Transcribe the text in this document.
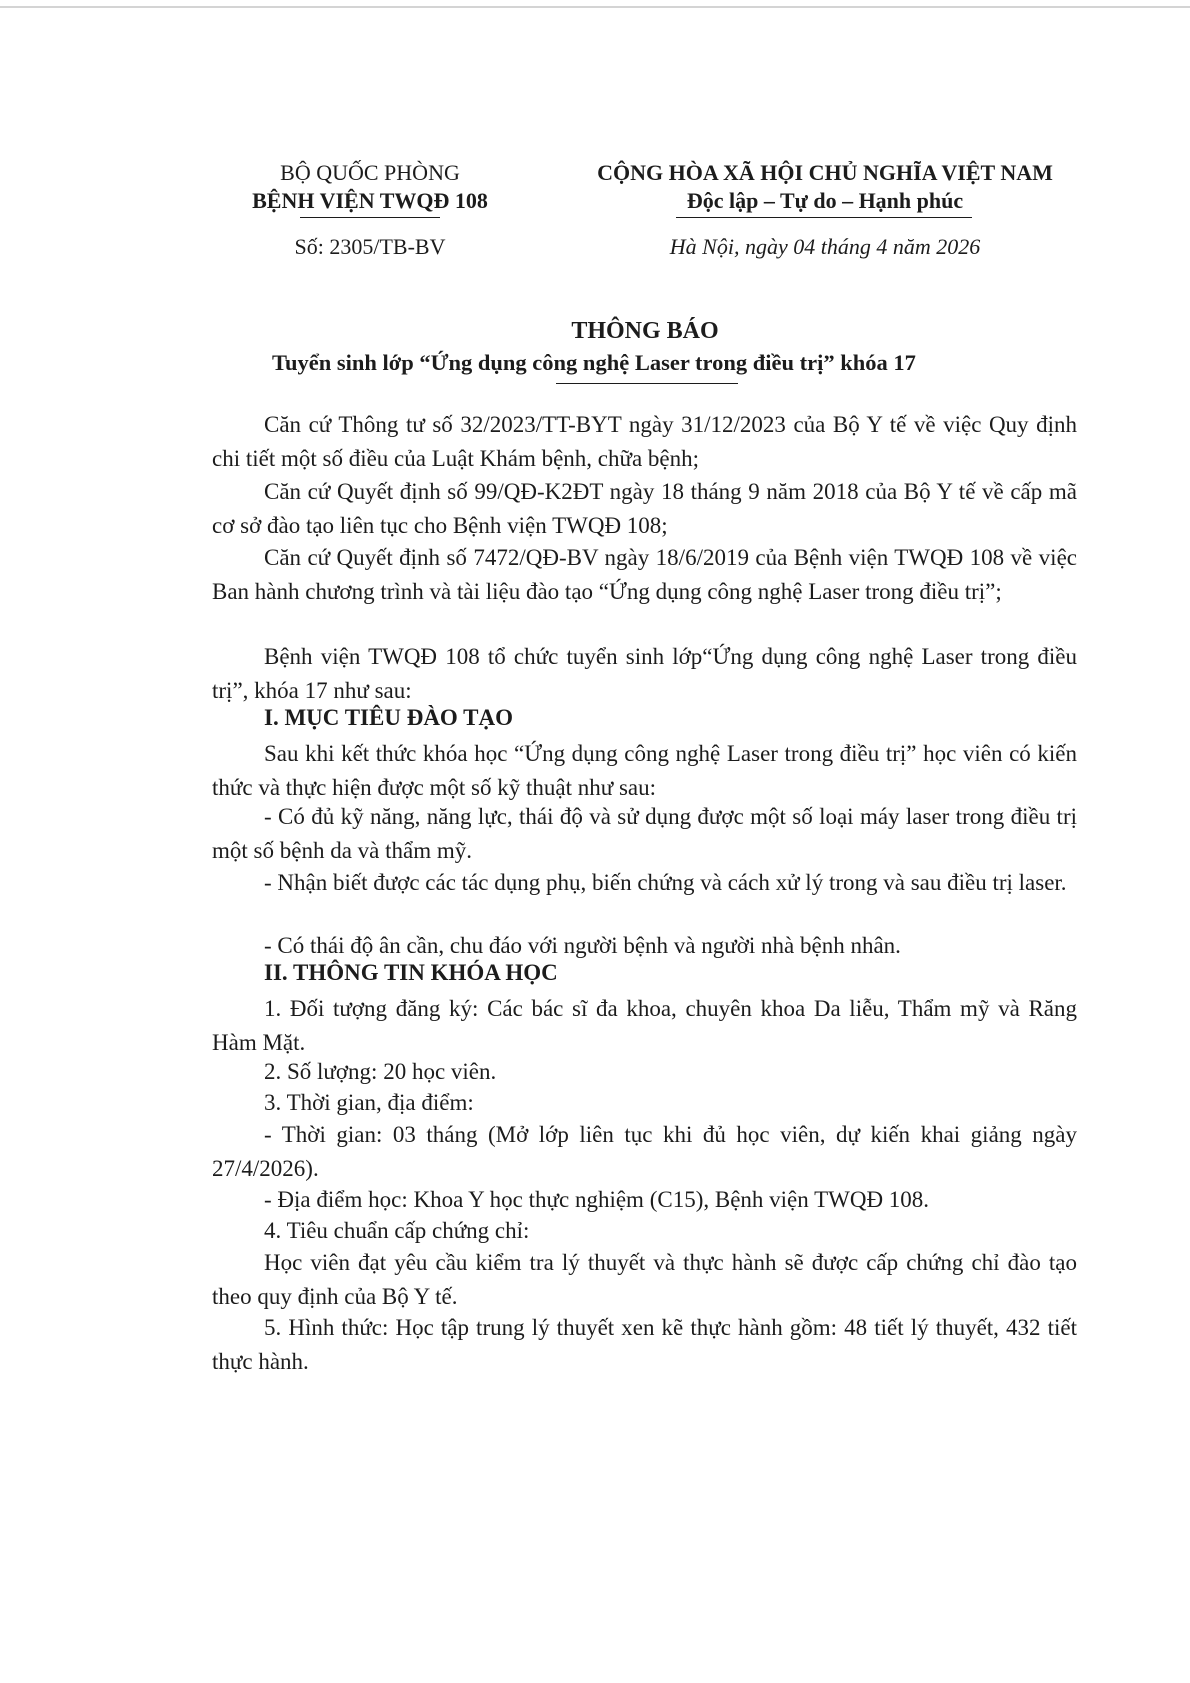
BỘ QUỐC PHÒNG
BỆNH VIỆN TWQĐ 108
Số: 2305/TB-BV
CỘNG HÒA XÃ HỘI CHỦ NGHĨA VIỆT NAM
Độc lập – Tự do – Hạnh phúc
Hà Nội, ngày 04 tháng 4 năm 2026
THÔNG BÁO
Tuyển sinh lớp “Ứng dụng công nghệ Laser trong điều trị” khóa 17
Căn cứ Thông tư số 32/2023/TT-BYT ngày 31/12/2023 của Bộ Y tế về việc Quy định chi tiết một số điều của Luật Khám bệnh, chữa bệnh;
Căn cứ Quyết định số 99/QĐ-K2ĐT ngày 18 tháng 9 năm 2018 của Bộ Y tế về cấp mã cơ sở đào tạo liên tục cho Bệnh viện TWQĐ 108;
Căn cứ Quyết định số 7472/QĐ-BV ngày 18/6/2019 của Bệnh viện TWQĐ 108 về việc Ban hành chương trình và tài liệu đào tạo “Ứng dụng công nghệ Laser trong điều trị”;
Bệnh viện TWQĐ 108 tổ chức tuyển sinh lớp“Ứng dụng công nghệ Laser trong điều trị”, khóa 17 như sau:
I. MỤC TIÊU ĐÀO TẠO
Sau khi kết thức khóa học “Ứng dụng công nghệ Laser trong điều trị” học viên có kiến thức và thực hiện được một số kỹ thuật như sau:
- Có đủ kỹ năng, năng lực, thái độ và sử dụng được một số loại máy laser trong điều trị một số bệnh da và thẩm mỹ.
- Nhận biết được các tác dụng phụ, biến chứng và cách xử lý trong và sau điều trị laser.
- Có thái độ ân cần, chu đáo với người bệnh và người nhà bệnh nhân.
II. THÔNG TIN KHÓA HỌC
1. Đối tượng đăng ký: Các bác sĩ đa khoa, chuyên khoa Da liễu, Thẩm mỹ và Răng Hàm Mặt.
2. Số lượng: 20 học viên.
3. Thời gian, địa điểm:
- Thời gian: 03 tháng (Mở lớp liên tục khi đủ học viên, dự kiến khai giảng ngày 27/4/2026).
- Địa điểm học: Khoa Y học thực nghiệm (C15), Bệnh viện TWQĐ 108.
4. Tiêu chuẩn cấp chứng chỉ:
Học viên đạt yêu cầu kiểm tra lý thuyết và thực hành sẽ được cấp chứng chỉ đào tạo theo quy định của Bộ Y tế.
5. Hình thức: Học tập trung lý thuyết xen kẽ thực hành gồm: 48 tiết lý thuyết, 432 tiết thực hành.
